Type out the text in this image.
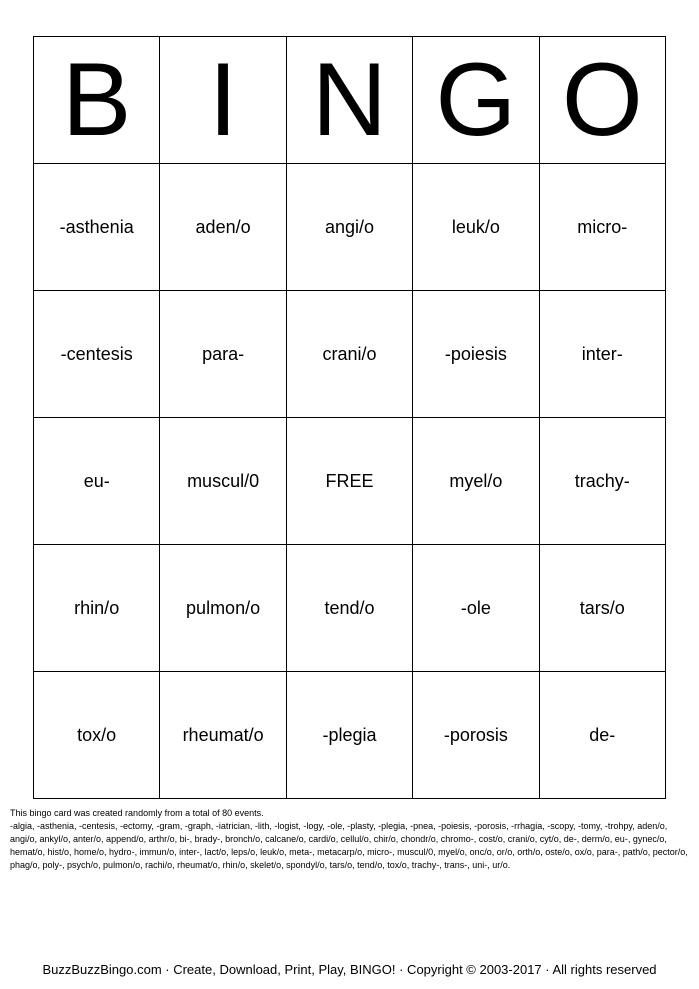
B	I	N	G	O
-asthenia	aden/o	angi/o	leuk/o	micro-
-centesis	para-	crani/o	-poiesis	inter-
eu-	muscul/0	FREE	myel/o	trachy-
rhin/o	pulmon/o	tend/o	-ole	tars/o
tox/o	rheumat/o	-plegia	-porosis	de-
This bingo card was created randomly from a total of 80 events.
-algia, -asthenia, -centesis, -ectomy, -gram, -graph, -iatrician, -lith, -logist, -logy, -ole, -plasty, -plegia, -pnea, -poiesis, -porosis, -rrhagia, -scopy, -tomy, -trohpy, aden/o, angi/o, ankyl/o, anter/o, append/o, arthr/o, bi-, brady-, bronch/o, calcane/o, cardi/o, cellul/o, chir/o, chondr/o, chromo-, cost/o, crani/o, cyt/o, de-, derm/o, eu-, gynec/o, hemat/o, hist/o, home/o, hydro-, immun/o, inter-, lact/o, leps/o, leuk/o, meta-, metacarp/o, micro-, muscul/0, myel/o, onc/o, or/o, orth/o, oste/o, ox/o, para-, path/o, pector/o, phag/o, poly-, psych/o, pulmon/o, rachi/o, rheumat/o, rhin/o, skelet/o, spondyl/o, tars/o, tend/o, tox/o, trachy-, trans-, uni-, ur/o.
BuzzBuzzBingo.com · Create, Download, Print, Play, BINGO! · Copyright © 2003-2017 · All rights reserved
